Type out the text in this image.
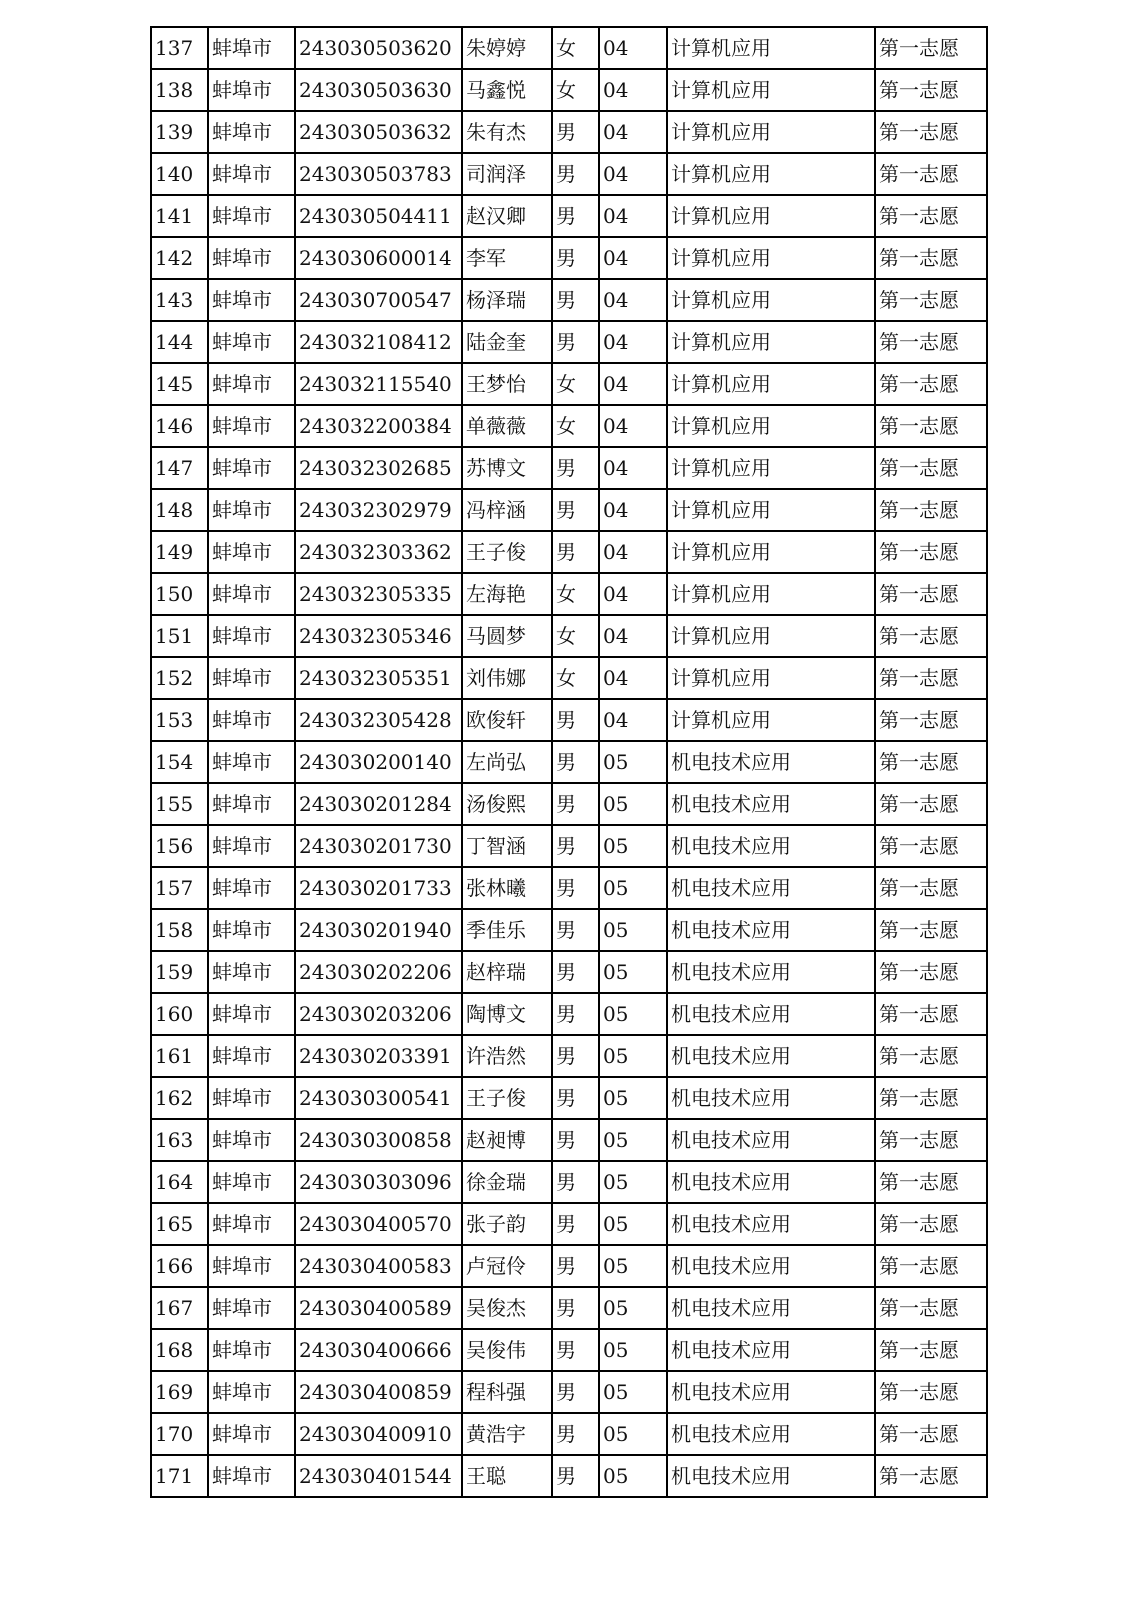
137	蚌埠市	243030503620	朱婷婷	女	04	计算机应用	第一志愿
138	蚌埠市	243030503630	马鑫悦	女	04	计算机应用	第一志愿
139	蚌埠市	243030503632	朱有杰	男	04	计算机应用	第一志愿
140	蚌埠市	243030503783	司润泽	男	04	计算机应用	第一志愿
141	蚌埠市	243030504411	赵汉卿	男	04	计算机应用	第一志愿
142	蚌埠市	243030600014	李军	男	04	计算机应用	第一志愿
143	蚌埠市	243030700547	杨泽瑞	男	04	计算机应用	第一志愿
144	蚌埠市	243032108412	陆金奎	男	04	计算机应用	第一志愿
145	蚌埠市	243032115540	王梦怡	女	04	计算机应用	第一志愿
146	蚌埠市	243032200384	单薇薇	女	04	计算机应用	第一志愿
147	蚌埠市	243032302685	苏博文	男	04	计算机应用	第一志愿
148	蚌埠市	243032302979	冯梓涵	男	04	计算机应用	第一志愿
149	蚌埠市	243032303362	王子俊	男	04	计算机应用	第一志愿
150	蚌埠市	243032305335	左海艳	女	04	计算机应用	第一志愿
151	蚌埠市	243032305346	马圆梦	女	04	计算机应用	第一志愿
152	蚌埠市	243032305351	刘伟娜	女	04	计算机应用	第一志愿
153	蚌埠市	243032305428	欧俊轩	男	04	计算机应用	第一志愿
154	蚌埠市	243030200140	左尚弘	男	05	机电技术应用	第一志愿
155	蚌埠市	243030201284	汤俊熙	男	05	机电技术应用	第一志愿
156	蚌埠市	243030201730	丁智涵	男	05	机电技术应用	第一志愿
157	蚌埠市	243030201733	张林曦	男	05	机电技术应用	第一志愿
158	蚌埠市	243030201940	季佳乐	男	05	机电技术应用	第一志愿
159	蚌埠市	243030202206	赵梓瑞	男	05	机电技术应用	第一志愿
160	蚌埠市	243030203206	陶博文	男	05	机电技术应用	第一志愿
161	蚌埠市	243030203391	许浩然	男	05	机电技术应用	第一志愿
162	蚌埠市	243030300541	王子俊	男	05	机电技术应用	第一志愿
163	蚌埠市	243030300858	赵昶博	男	05	机电技术应用	第一志愿
164	蚌埠市	243030303096	徐金瑞	男	05	机电技术应用	第一志愿
165	蚌埠市	243030400570	张子韵	男	05	机电技术应用	第一志愿
166	蚌埠市	243030400583	卢冠伶	男	05	机电技术应用	第一志愿
167	蚌埠市	243030400589	吴俊杰	男	05	机电技术应用	第一志愿
168	蚌埠市	243030400666	吴俊伟	男	05	机电技术应用	第一志愿
169	蚌埠市	243030400859	程科强	男	05	机电技术应用	第一志愿
170	蚌埠市	243030400910	黄浩宇	男	05	机电技术应用	第一志愿
171	蚌埠市	243030401544	王聪	男	05	机电技术应用	第一志愿
